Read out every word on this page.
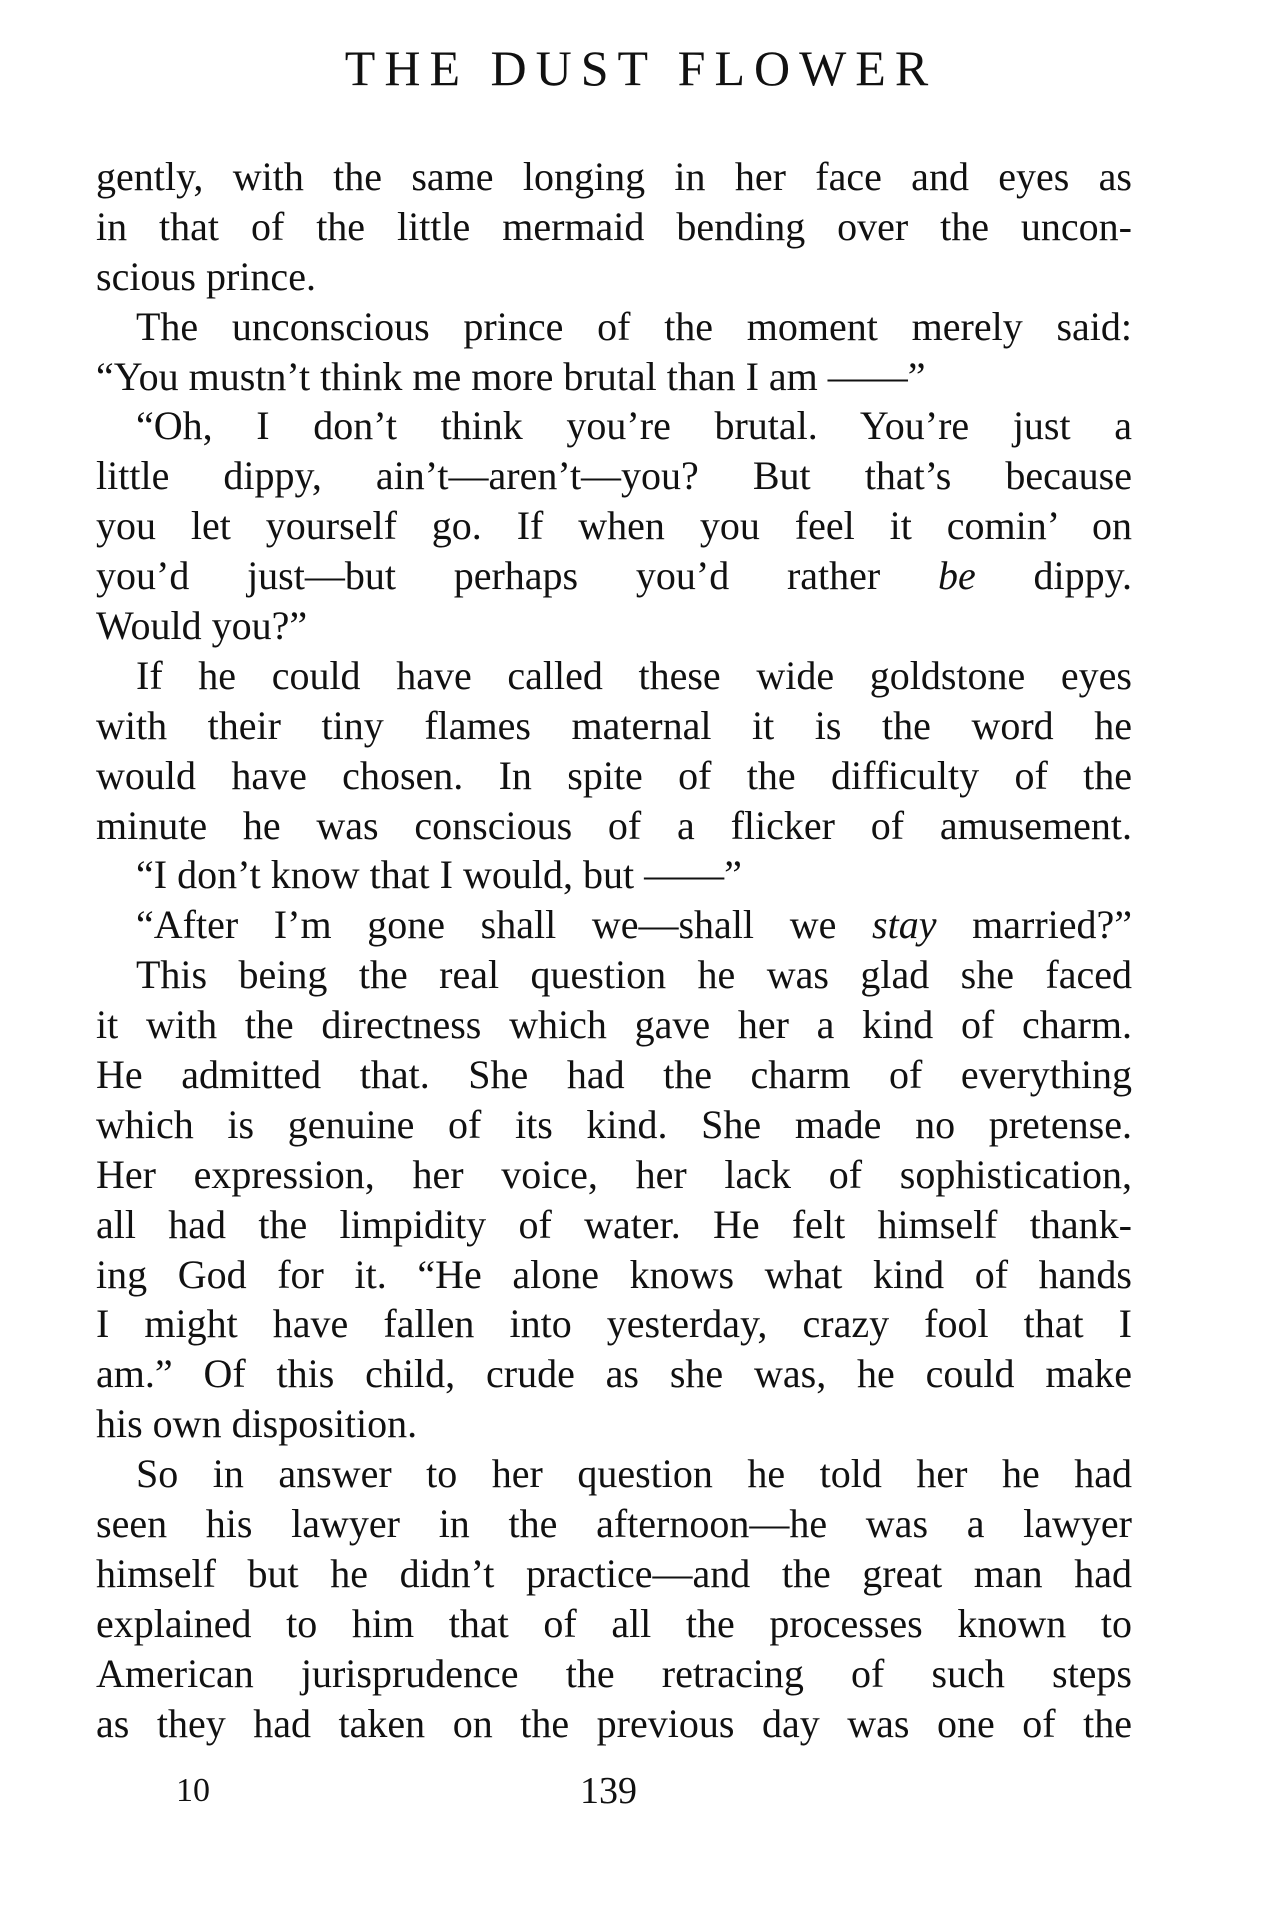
THE DUST FLOWER
gently, with the same longing in her face and eyes as
in that of the little mermaid bending over the uncon-
scious prince.
The unconscious prince of the moment merely said:
“You mustn’t think me more brutal than I am ——”
“Oh, I don’t think you’re brutal. You’re just a
little dippy, ain’t—aren’t—you? But that’s because
you let yourself go. If when you feel it comin’ on
you’d just—but perhaps you’d rather be dippy.
Would you?”
If he could have called these wide goldstone eyes
with their tiny flames maternal it is the word he
would have chosen. In spite of the difficulty of the
minute he was conscious of a flicker of amusement.
“I don’t know that I would, but ——”
“After I’m gone shall we—shall we stay married?”
This being the real question he was glad she faced
it with the directness which gave her a kind of charm.
He admitted that. She had the charm of everything
which is genuine of its kind. She made no pretense.
Her expression, her voice, her lack of sophistication,
all had the limpidity of water. He felt himself thank-
ing God for it. “He alone knows what kind of hands
I might have fallen into yesterday, crazy fool that I
am.” Of this child, crude as she was, he could make
his own disposition.
So in answer to her question he told her he had
seen his lawyer in the afternoon—he was a lawyer
himself but he didn’t practice—and the great man had
explained to him that of all the processes known to
American jurisprudence the retracing of such steps
as they had taken on the previous day was one of the
10	139
